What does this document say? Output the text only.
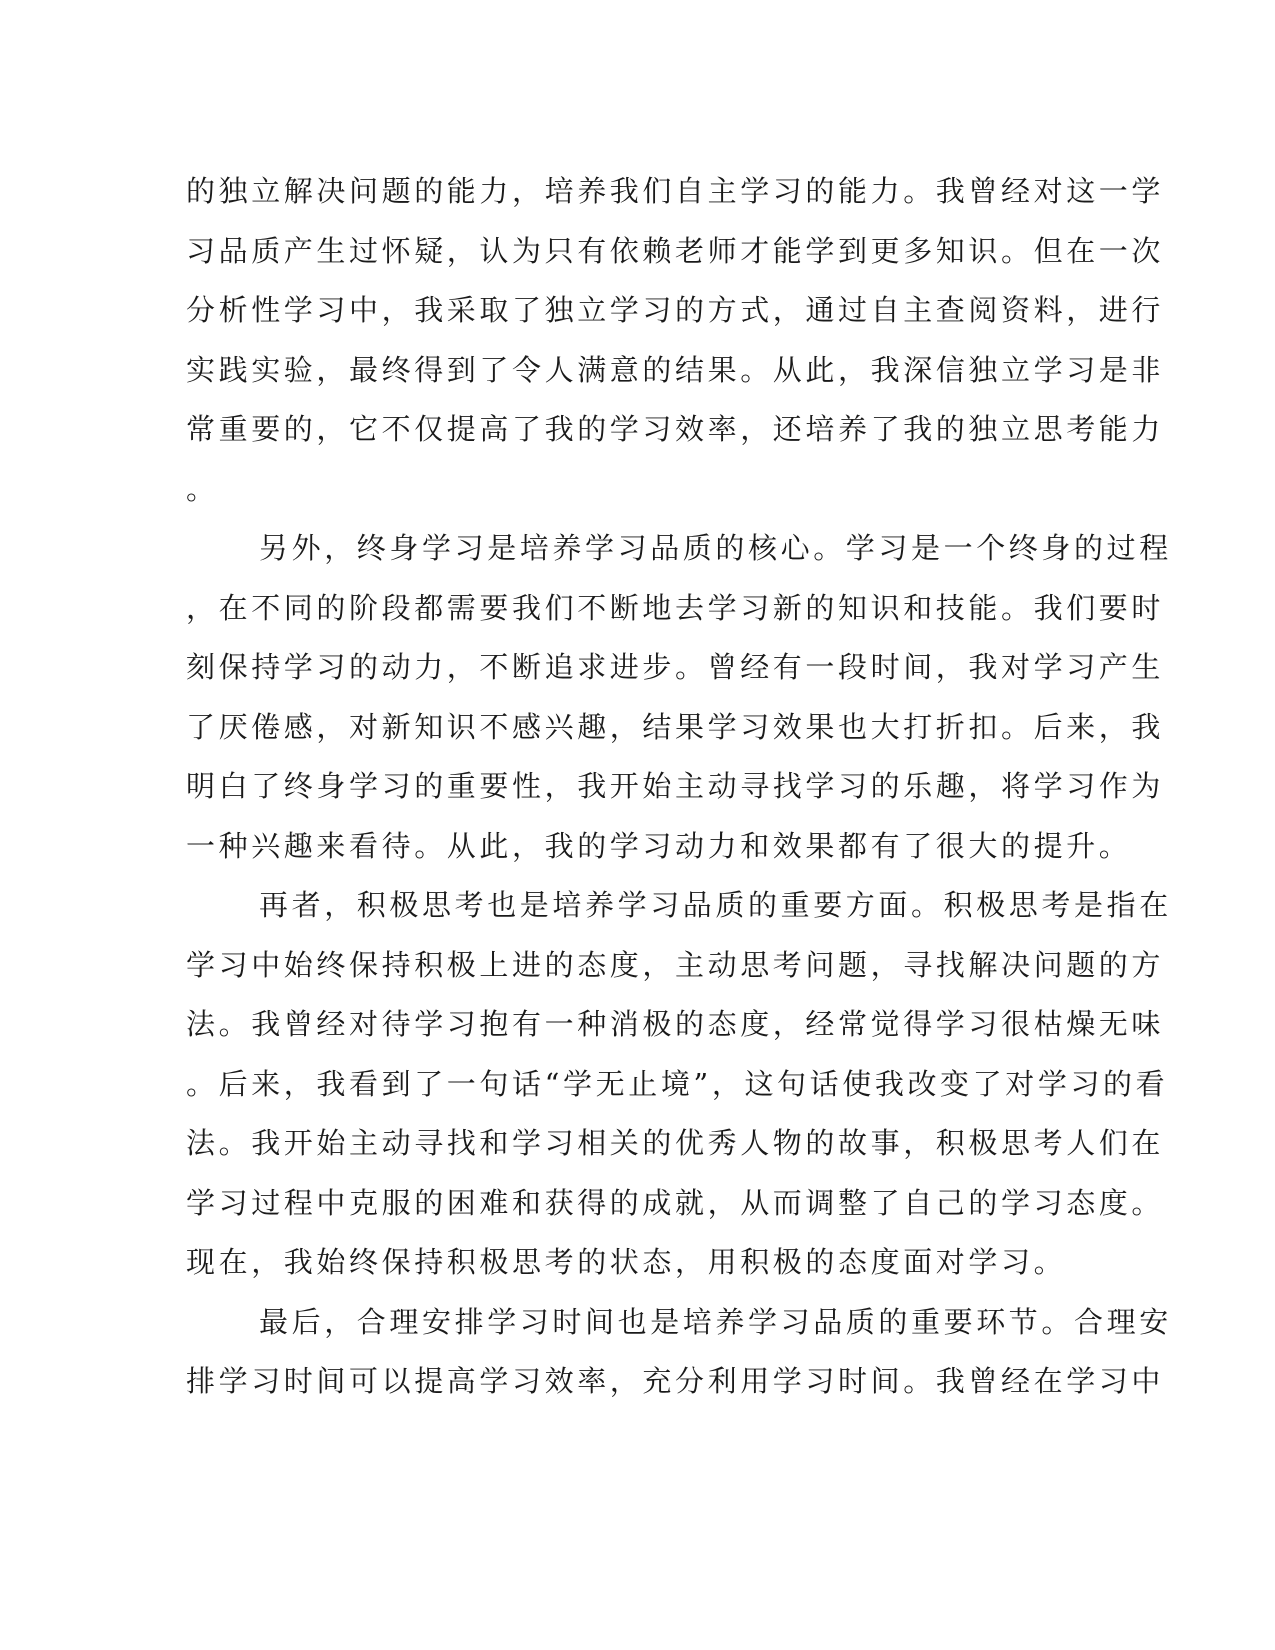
的独立解决问题的能力，培养我们自主学习的能力。我曾经对这一学
习品质产生过怀疑，认为只有依赖老师才能学到更多知识。但在一次
分析性学习中，我采取了独立学习的方式，通过自主查阅资料，进行
实践实验，最终得到了令人满意的结果。从此，我深信独立学习是非
常重要的，它不仅提高了我的学习效率，还培养了我的独立思考能力
。
另外，终身学习是培养学习品质的核心。学习是一个终身的过程
，在不同的阶段都需要我们不断地去学习新的知识和技能。我们要时
刻保持学习的动力，不断追求进步。曾经有一段时间，我对学习产生
了厌倦感，对新知识不感兴趣，结果学习效果也大打折扣。后来，我
明白了终身学习的重要性，我开始主动寻找学习的乐趣，将学习作为
一种兴趣来看待。从此，我的学习动力和效果都有了很大的提升。
再者，积极思考也是培养学习品质的重要方面。积极思考是指在
学习中始终保持积极上进的态度，主动思考问题，寻找解决问题的方
法。我曾经对待学习抱有一种消极的态度，经常觉得学习很枯燥无味
。后来，我看到了一句话“学无止境”，这句话使我改变了对学习的看
法。我开始主动寻找和学习相关的优秀人物的故事，积极思考人们在
学习过程中克服的困难和获得的成就，从而调整了自己的学习态度。
现在，我始终保持积极思考的状态，用积极的态度面对学习。
最后，合理安排学习时间也是培养学习品质的重要环节。合理安
排学习时间可以提高学习效率，充分利用学习时间。我曾经在学习中
